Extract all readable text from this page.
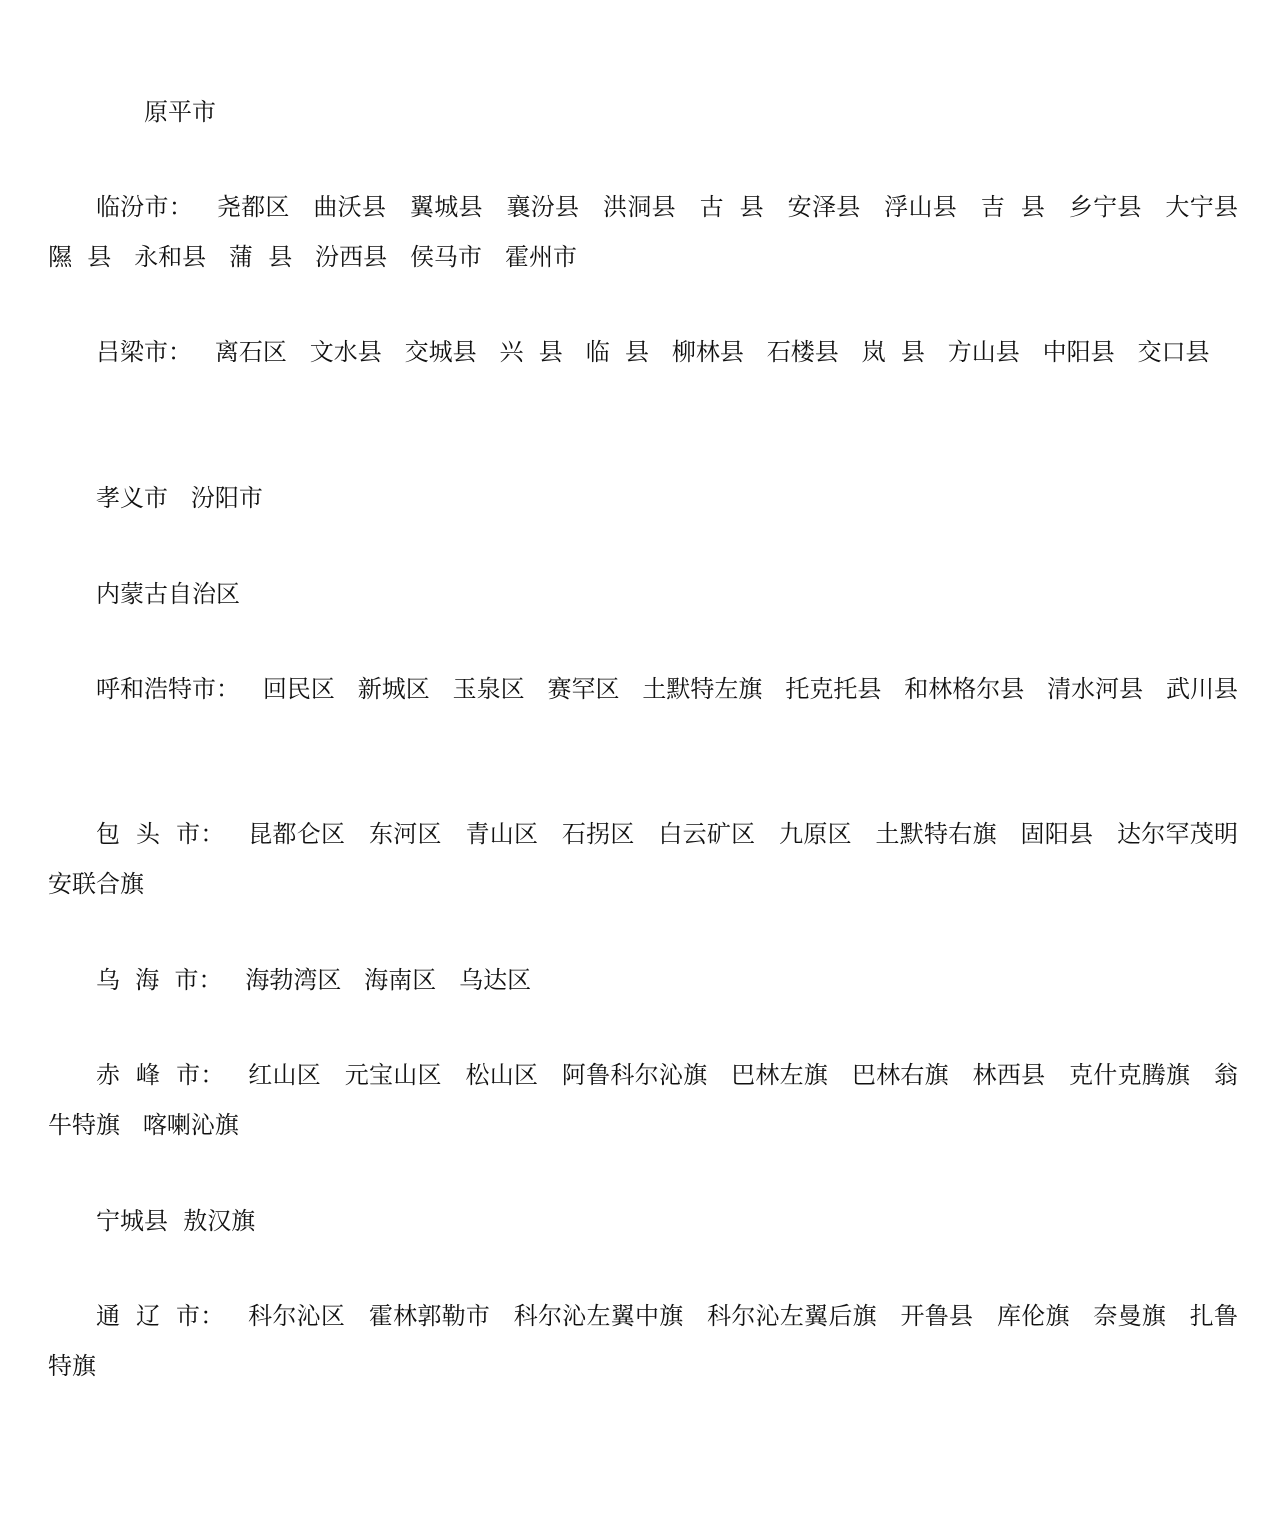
原平市

临汾市：   尧都区   曲沃县   翼城县   襄汾县   洪洞县   古  县   安泽县   浮山县   吉  县   乡宁县   大宁县   隰  县   永和县   蒲  县   汾西县   侯马市   霍州市

吕梁市：   离石区   文水县   交城县   兴  县   临  县   柳林县   石楼县   岚  县   方山县   中阳县   交口县

孝义市   汾阳市

内蒙古自治区

呼和浩特市：   回民区   新城区   玉泉区   赛罕区   土默特左旗   托克托县   和林格尔县   清水河县   武川县

包  头  市：   昆都仑区   东河区   青山区   石拐区   白云矿区   九原区   土默特右旗   固阳县   达尔罕茂明安联合旗

乌  海  市：   海勃湾区   海南区   乌达区

赤  峰  市：   红山区   元宝山区   松山区   阿鲁科尔沁旗   巴林左旗   巴林右旗   林西县   克什克腾旗   翁牛特旗   喀喇沁旗

宁城县  敖汉旗

通  辽  市：   科尔沁区   霍林郭勒市   科尔沁左翼中旗   科尔沁左翼后旗   开鲁县   库伦旗   奈曼旗   扎鲁特旗
